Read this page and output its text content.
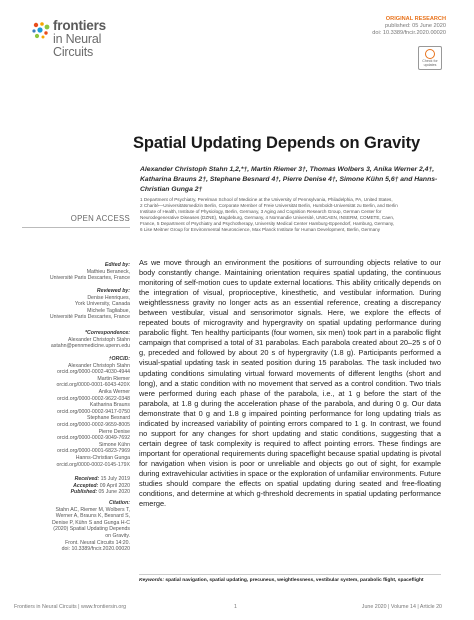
frontiers
in Neural Circuits
ORIGINAL RESEARCH
published: 05 June 2020
doi: 10.3389/fncir.2020.00020
Check for updates
Spatial Updating Depends on Gravity
Alexander Christoph Stahn 1,2,*†, Martin Riemer 3†, Thomas Wolbers 3, Anika Werner 2,4†,
Katharina Brauns 2†, Stephane Besnard 4†, Pierre Denise 4†, Simone Kühn 5,6† and Hanns-Christian Gunga 2†
1 Department of Psychiatry, Perelman School of Medicine at the University of Pennsylvania, Philadelphia, PA, United States,
2 Charité—Universitätsmedizin Berlin, Corporate Member of Freie Universität Berlin, Humboldt-Universität zu Berlin, and Berlin
Institute of Health, Institute of Physiology, Berlin, Germany, 3 Aging and Cognition Research Group, German Center for
Neurodegenerative Diseases (DZNE), Magdeburg, Germany, 4 Normandie Université, UNICAEN, INSERM, COMETE, Caen,
France, 5 Department of Psychiatry and Psychotherapy, University Medical Center Hamburg-Eppendorf, Hamburg, Germany,
6 Lise Meitner Group for Environmental Neuroscience, Max Planck Institute for Human Development, Berlin, Germany
OPEN ACCESS
Edited by:
Mathieu Beraneck,
Université Paris Descartes, France
Reviewed by:
Denise Henriques,
York University, Canada
Michele Tagliabue,
Université Paris Descartes, France
*Correspondence:
Alexander Christoph Stahn
astahn@pennmedicine.upenn.edu
†ORCID:
Alexander Christoph Stahn
orcid.org/0000-0002-4030-4944
Martin Riemer
orcid.org/0000-0001-6043-420X
Anika Werner
orcid.org/0000-0002-9622-0348
Katharina Brauns
orcid.org/0000-0002-9417-0750
Stephane Besnard
orcid.org/0000-0002-9659-8005
Pierre Denise
orcid.org/0000-0002-9049-7692
Simone Kühn
orcid.org/0000-0001-6823-7969
Hanns-Christian Gunga
orcid.org/0000-0002-0145-179X
Received: 15 July 2019
Accepted: 09 April 2020
Published: 05 June 2020
Citation:
Stahn AC, Riemer M, Wolbers T,
Werner A, Brauns K, Besnard S,
Denise P, Kühn S and Gunga H-C
(2020) Spatial Updating Depends
on Gravity.
Front. Neural Circuits 14:20.
doi: 10.3389/fncir.2020.00020
As we move through an environment the positions of surrounding objects relative to our body constantly change. Maintaining orientation requires spatial updating, the continuous monitoring of self-motion cues to update external locations. This ability critically depends on the integration of visual, proprioceptive, kinesthetic, and vestibular information. During weightlessness gravity no longer acts as an essential reference, creating a discrepancy between vestibular, visual and sensorimotor signals. Here, we explore the effects of repeated bouts of microgravity and hypergravity on spatial updating performance during parabolic flight. Ten healthy participants (four women, six men) took part in a parabolic flight campaign that comprised a total of 31 parabolas. Each parabola created about 20–25 s of 0 g, preceded and followed by about 20 s of hypergravity (1.8 g). Participants performed a visual-spatial updating task in seated position during 15 parabolas. The task included two updating conditions simulating virtual forward movements of different lengths (short and long), and a static condition with no movement that served as a control condition. Two trials were performed during each phase of the parabola, i.e., at 1 g before the start of the parabola, at 1.8 g during the acceleration phase of the parabola, and during 0 g. Our data demonstrate that 0 g and 1.8 g impaired pointing performance for long updating trials as indicated by increased variability of pointing errors compared to 1 g. In contrast, we found no support for any changes for short updating and static conditions, suggesting that a certain degree of task complexity is required to affect pointing errors. These findings are important for operational requirements during spaceflight because spatial updating is pivotal for navigation when vision is poor or unreliable and objects go out of sight, for example during extravehicular activities in space or the exploration of unfamiliar environments. Future studies should compare the effects on spatial updating during seated and free-floating conditions, and determine at which g-threshold decrements in spatial updating performance emerge.
Keywords: spatial navigation, spatial updating, precuneus, weightlessness, vestibular system, parabolic flight, spaceflight
Frontiers in Neural Circuits | www.frontiersin.org	1	June 2020 | Volume 14 | Article 20
